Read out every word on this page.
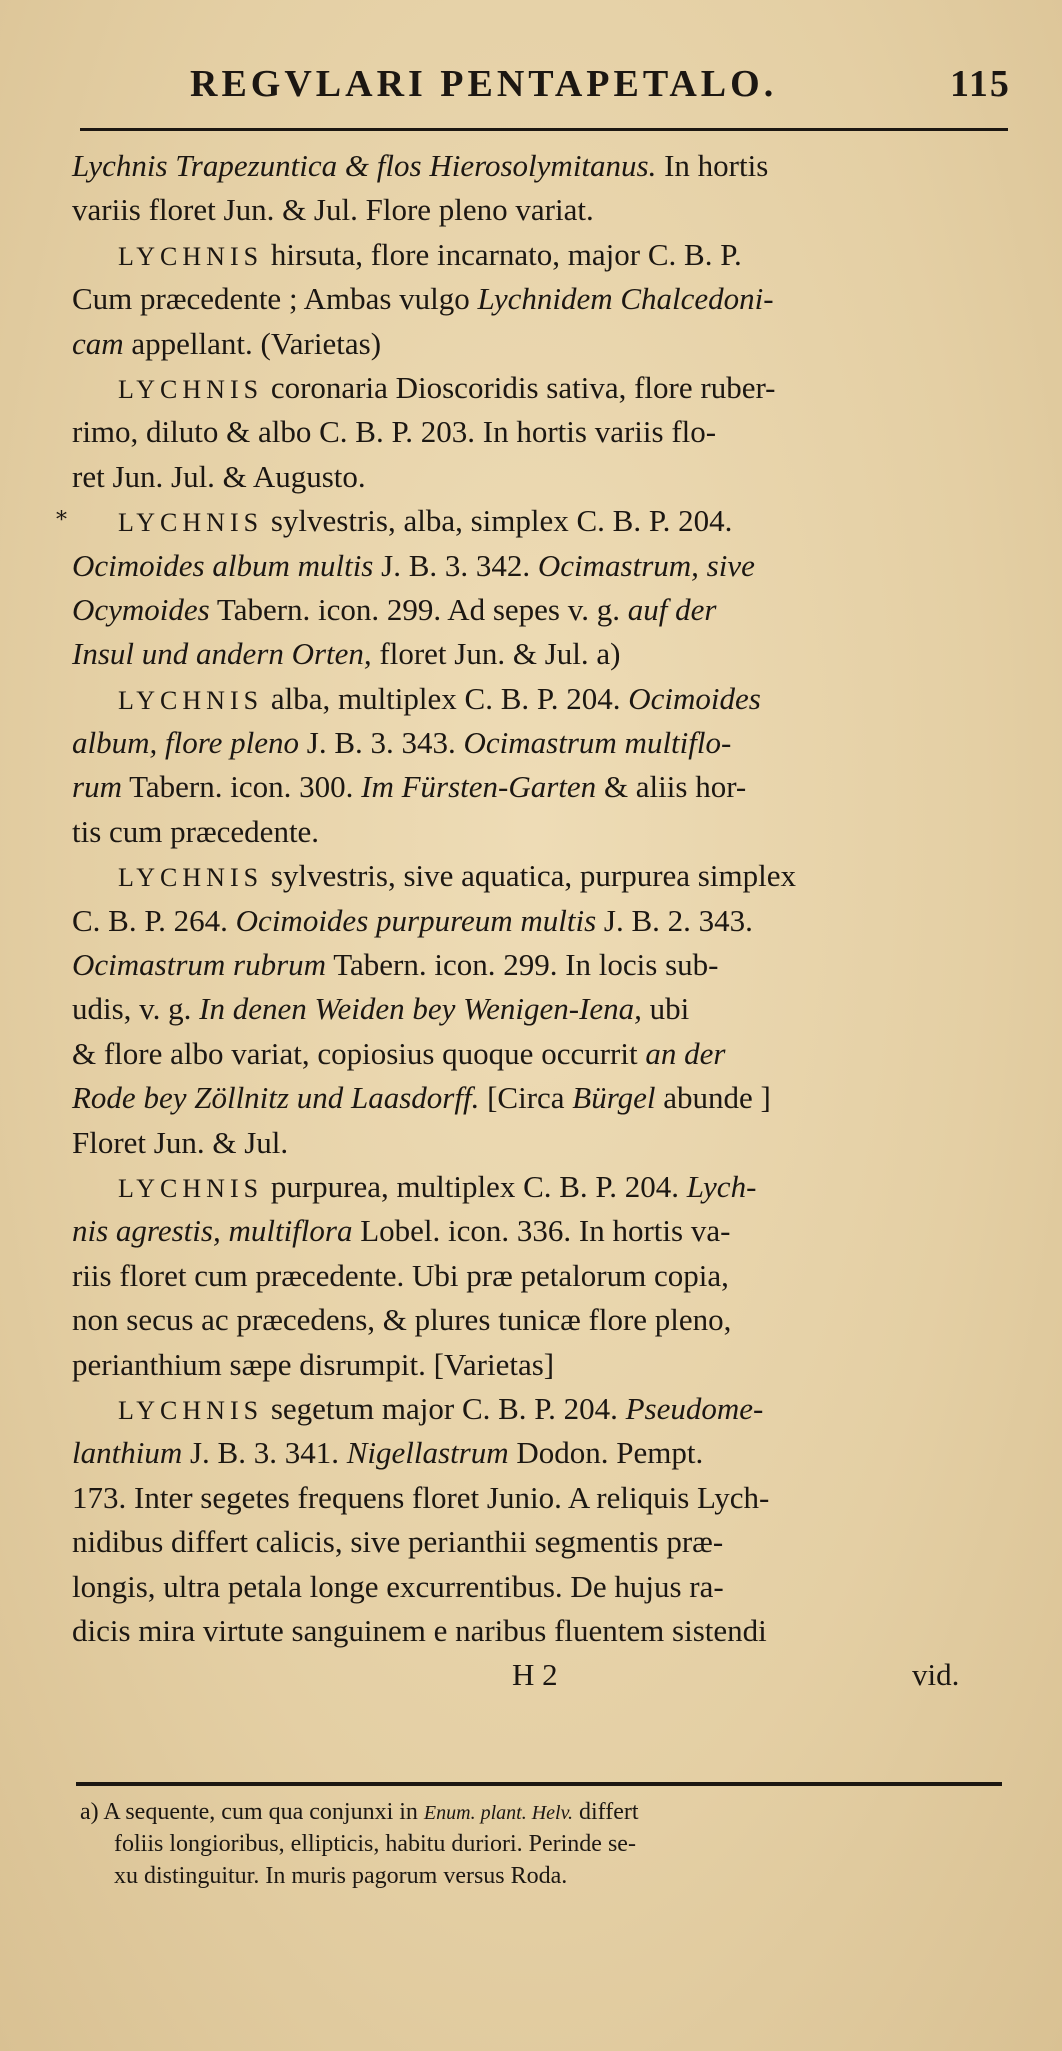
REGVLARI PENTAPETALO.	115
*
Lychnis Trapezuntica & flos Hierosolymitanus. In hortis
variis floret Jun. & Jul. Flore pleno variat.
LYCHNIS hirsuta, flore incarnato, major C. B. P.
Cum præcedente ; Ambas vulgo Lychnidem Chalcedoni-
cam appellant. (Varietas)
LYCHNIS coronaria Dioscoridis sativa, flore ruber-
rimo, diluto & albo C. B. P. 203. In hortis variis flo-
ret Jun. Jul. & Augusto.
LYCHNIS sylvestris, alba, simplex C. B. P. 204.
Ocimoides album multis J. B. 3. 342. Ocimastrum, sive
Ocymoides Tabern. icon. 299. Ad sepes v. g. auf der
Insul und andern Orten, floret Jun. & Jul. a)
LYCHNIS alba, multiplex C. B. P. 204. Ocimoides
album, flore pleno J. B. 3. 343. Ocimastrum multiflo-
rum Tabern. icon. 300. Im Fürsten-Garten & aliis hor-
tis cum præcedente.
LYCHNIS sylvestris, sive aquatica, purpurea simplex
C. B. P. 264. Ocimoides purpureum multis J. B. 2. 343.
Ocimastrum rubrum Tabern. icon. 299. In locis sub-
udis, v. g. In denen Weiden bey Wenigen-Iena, ubi
& flore albo variat, copiosius quoque occurrit an der
Rode bey Zöllnitz und Laasdorff. [Circa Bürgel abunde ]
Floret Jun. & Jul.
LYCHNIS purpurea, multiplex C. B. P. 204. Lych-
nis agrestis, multiflora Lobel. icon. 336. In hortis va-
riis floret cum præcedente. Ubi præ petalorum copia,
non secus ac præcedens, & plures tunicæ flore pleno,
perianthium sæpe disrumpit. [Varietas]
LYCHNIS segetum major C. B. P. 204. Pseudome-
lanthium J. B. 3. 341. Nigellastrum Dodon. Pempt.
173. Inter segetes frequens floret Junio. A reliquis Lych-
nidibus differt calicis, sive perianthii segmentis præ-
longis, ultra petala longe excurrentibus. De hujus ra-
dicis mira virtute sanguinem e naribus fluentem sistendi
H 2	vid.
a) A sequente, cum qua conjunxi in Enum. plant. Helv. differt
foliis longioribus, ellipticis, habitu duriori. Perinde se-
xu distinguitur. In muris pagorum versus Roda.
